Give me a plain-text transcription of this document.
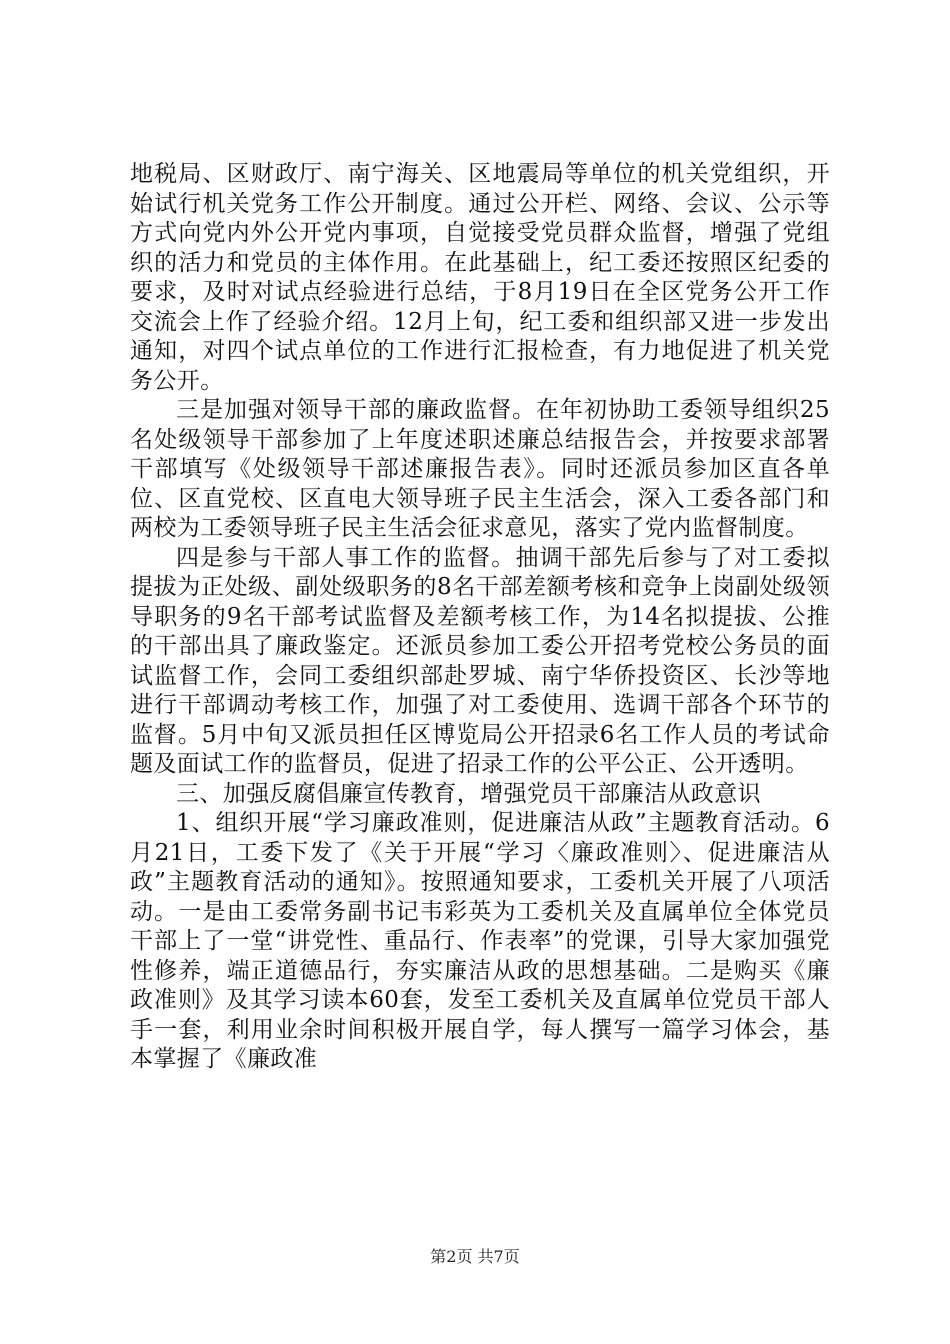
地税局、区财政厅、南宁海关、区地震局等单位的机关党组织，开始试行机关党务工作公开制度。通过公开栏、网络、会议、公示等方式向党内外公开党内事项，自觉接受党员群众监督，增强了党组织的活力和党员的主体作用。在此基础上，纪工委还按照区纪委的要求，及时对试点经验进行总结，于8月19日在全区党务公开工作交流会上作了经验介绍。12月上旬，纪工委和组织部又进一步发出通知，对四个试点单位的工作进行汇报检查，有力地促进了机关党务公开。

三是加强对领导干部的廉政监督。在年初协助工委领导组织25名处级领导干部参加了上年度述职述廉总结报告会，并按要求部署干部填写《处级领导干部述廉报告表》。同时还派员参加区直各单位、区直党校、区直电大领导班子民主生活会，深入工委各部门和两校为工委领导班子民主生活会征求意见，落实了党内监督制度。

四是参与干部人事工作的监督。抽调干部先后参与了对工委拟提拔为正处级、副处级职务的8名干部差额考核和竞争上岗副处级领导职务的9名干部考试监督及差额考核工作，为14名拟提拔、公推的干部出具了廉政鉴定。还派员参加工委公开招考党校公务员的面试监督工作，会同工委组织部赴罗城、南宁华侨投资区、长沙等地进行干部调动考核工作，加强了对工委使用、选调干部各个环节的监督。5月中旬又派员担任区博览局公开招录6名工作人员的考试命题及面试工作的监督员，促进了招录工作的公平公正、公开透明。

三、加强反腐倡廉宣传教育，增强党员干部廉洁从政意识

1、组织开展“学习廉政准则，促进廉洁从政”主题教育活动。6月21日，工委下发了《关于开展“学习〈廉政准则〉、促进廉洁从政”主题教育活动的通知》。按照通知要求，工委机关开展了八项活动。一是由工委常务副书记韦彩英为工委机关及直属单位全体党员干部上了一堂“讲党性、重品行、作表率”的党课，引导大家加强党性修养，端正道德品行，夯实廉洁从政的思想基础。二是购买《廉政准则》及其学习读本60套，发至工委机关及直属单位党员干部人手一套，利用业余时间积极开展自学，每人撰写一篇学习体会，基本掌握了《廉政准

第2页 共7页
